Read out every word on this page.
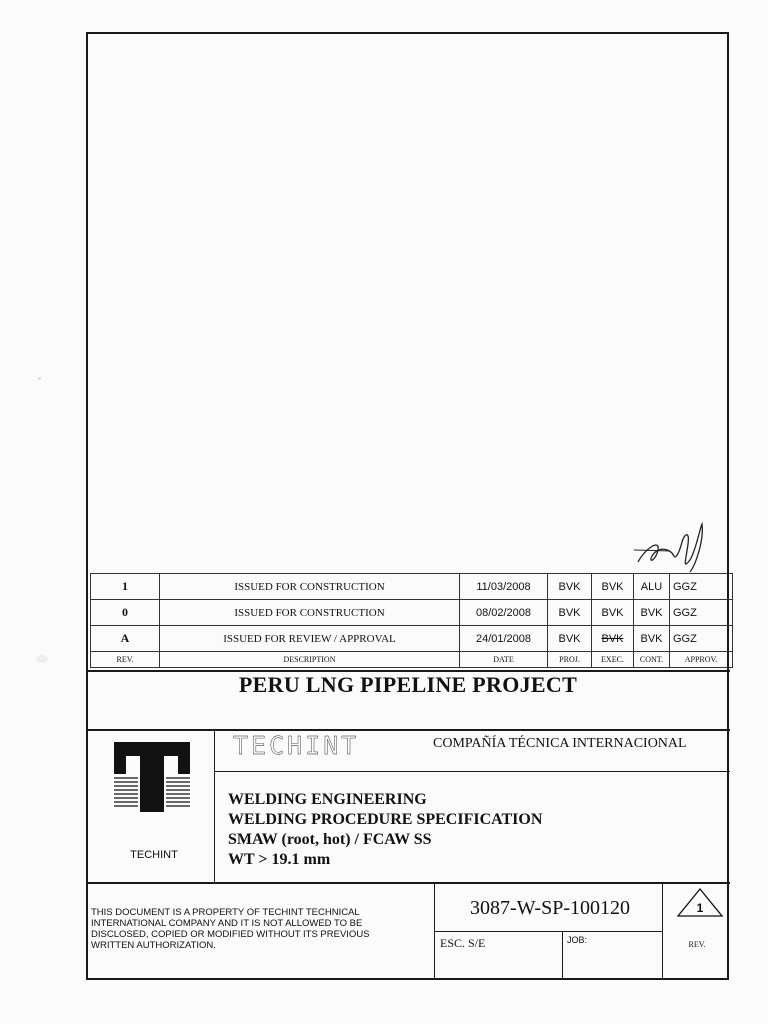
1	ISSUED FOR CONSTRUCTION	11/03/2008	BVK	BVK	ALU	GGZ
0	ISSUED FOR CONSTRUCTION	08/02/2008	BVK	BVK	BVK	GGZ
A	ISSUED FOR REVIEW / APPROVAL	24/01/2008	BVK	BVK	BVK	GGZ
REV.	DESCRIPTION	DATE	PROJ.	EXEC.	CONT.	APPROV.
PERU LNG PIPELINE PROJECT
TECHINT
TECHINT	COMPAÑÍA TÉCNICA INTERNACIONAL
WELDING ENGINEERING
WELDING PROCEDURE SPECIFICATION
SMAW (root, hot) / FCAW SS
WT > 19.1 mm
THIS DOCUMENT IS A PROPERTY OF TECHINT TECHNICAL
INTERNATIONAL COMPANY AND IT IS NOT ALLOWED TO BE
DISCLOSED, COPIED OR MODIFIED WITHOUT ITS PREVIOUS
WRITTEN AUTHORIZATION.
3087-W-SP-100120
ESC. S/E	JOB:
1
REV.
